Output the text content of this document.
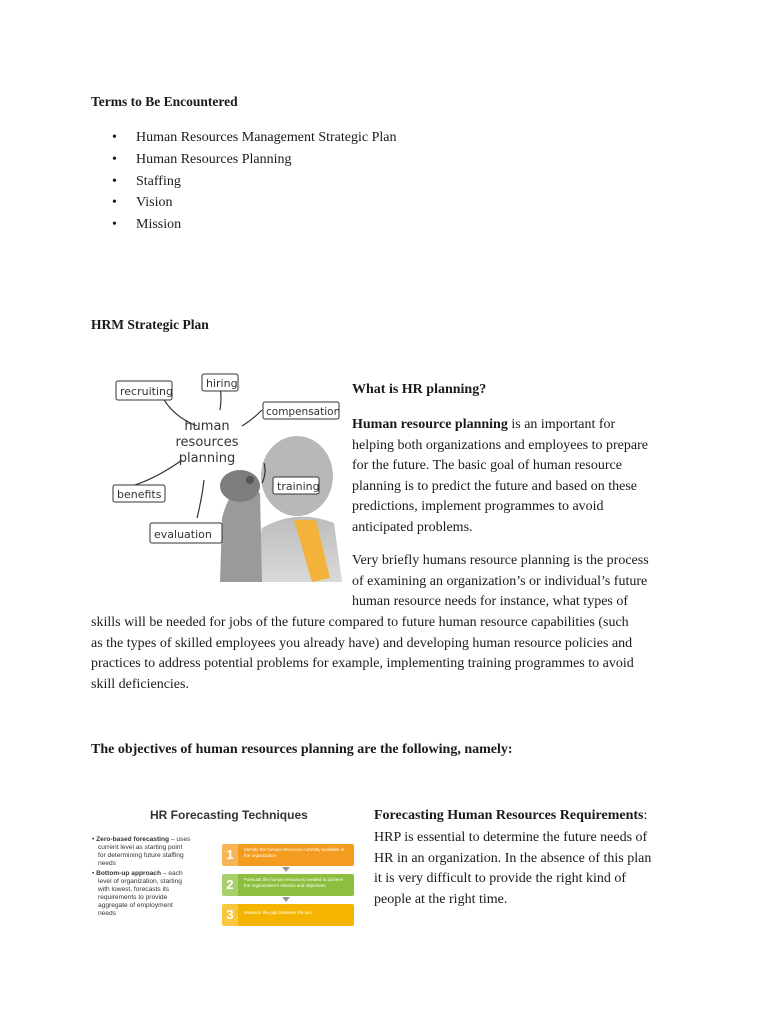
Terms to Be Encountered
• Human Resources Management Strategic Plan
• Human Resources Planning
• Staffing
• Vision
• Mission
HRM Strategic Plan
recruiting
hiring
compensation
benefits
training
evaluation
human
resources
planning
What is HR planning?
Human resource planning is an important for
helping both organizations and employees to prepare
for the future. The basic goal of human resource
planning is to predict the future and based on these
predictions, implement programmes to avoid
anticipated problems.
Very briefly humans resource planning is the process
of examining an organization’s or individual’s future
human resource needs for instance, what types of
skills will be needed for jobs of the future compared to future human resource capabilities (such
as the types of skilled employees you already have) and developing human resource policies and
practices to address potential problems for example, implementing training programmes to avoid
skill deficiencies.
The objectives of human resources planning are the following, namely:
HR Forecasting Techniques
• Zero-based forecasting – uses
current level as starting point
for determining future staffing
needs
• Bottom-up approach – each
level of organization, starting
with lowest, forecasts its
requirements to provide
aggregate of employment
needs
1	Identify the human resources currently available in the organization
2	Forecast the human resources needed to achieve the organization's mission and objectives
3	Measure the gap between the two
Forecasting Human Resources Requirements:
HRP is essential to determine the future needs of
HR in an organization. In the absence of this plan
it is very difficult to provide the right kind of
people at the right time.
